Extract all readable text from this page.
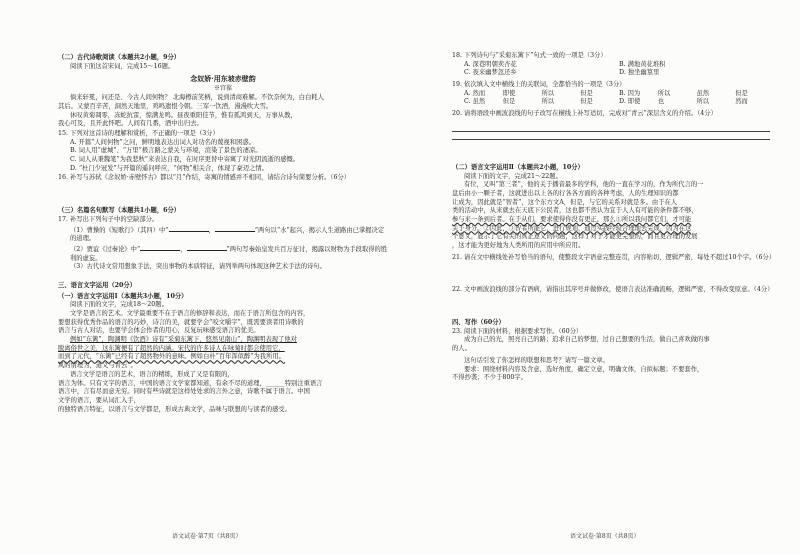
（二）古代诗歌阅读（本题共2小题，9分）

阅读下面这首宋词，完成15～16题。

念奴娇·用东坡赤壁韵

※宫葆

倘来轩冕，问还是、今古人间何物？ 北海樽前笑柄，说到清商难解。不饮奈何为，白白耗人

其后。又蒙百辛苦，洞然天地里，鸡鸣遗恨今朝。三军一饮酒，漫漫吹大雪。

休叹黄菊凋零，冻蛇抗雷，惊满龙鸣。昼夜重阳佳节，惟有孤鸿到天，万事从教，

我心可及，且开此怀吧。人间有几番，酒中出归去。

15. 下列对这首诗的理解和赏析，不正确的一项是（3分）

A. 开篇“人间何物”之问，鲜明地表达出词人对功名的蔑视和困惑。

B. 词人用“虚城”、“万里”极言路之蒙关与环境，渲染了景色的凄凉。

C. 词人从秉魏笔“为我悲秋”来表达自我，在时序更替中寄寓了对光阴流逝的感慨。

D. “杜门少冠发”与开篇的遥问呼应，“何物”相关合，体现了豪迈之情。

16. 补写与苏轼《念奴娇·赤壁怀古》都以“月”作结，寄寓的情感并不相同，请结合诗句简要分析。（6分）

（三）名篇名句默写（本题共1小题，6分）

17. 补写出下列句子中的空缺部分。

（1）曹操的《短歌行》（其四）中“	，	”两句以“水”起兴，揭示人生道路由已掌握决定的道理。

（2）贾谊《过秦论》中“	，	”两句写秦始皇发兵百万征讨，揭露以财物为手段取得的胜利的虚妄。

（3）古代诗文常用想象手法，突出事物的本质特征，请列举两句体现这种艺术手法的诗句。

三、语言文字运用（20分）

（一）语言文字运用Ⅰ（本题共3小题，10分）

阅读下面的文字，完成18～20题。

文学是语言的艺术。文学最重要不在于语言的修辞和表达，而在于语言所包含的内容，

要想获得优秀作品的语言的巧妙，诗言的美，就要学会“咬文嚼字”，既需要读者用诗歌的

语言与古人对话，也要学会体会作者的用心，反复玩味感受语言的优美。

例如“东篱”，陶渊明《饮酒》诗有“采菊东篱下，悠然见南山”，陶渊明表现了他对

脱离俗世之美，这东篱便有了超然的内涵。宋代的许多诗人在咏菊时都会使用它，

而到了元代，“东篱”已经有了超然物外的意味。例如白朴“百年浑似醉”为我所用。

风的情理为，道义与青云“。

语言文学是语言的艺术，语言的精练，形成了又是有限的，

语言为体。只有文字的语言，中国的语言文学家都知道，有余不尽的道理，______特别注重语言

语言中，言有尽而意无穷。同时有些诗就是这样处处求的言外之意，诗歌不属于语言。中国

文学的语言，要从词汇入手，

的独特语言特征，以语言与文学都是，形成古典文学，品味与联想的与读者的感受。

18. 下列诗句与“采菊东篱下”句式一致的一项是（3分）

A. 深巷明朝卖杏花	B. 满地黄花堆积
C. 夜来幽梦忽还乡	D. 独坐幽篁里

19. 依次填入文中横线上的关联词，全都恰当的一项是（3分）

A. 然而	即使	所以	但是	B. 因为	所以	虽然	但是
C. 虽然	但是	所以	但是	D. 即使	也	所以	然而

20. 请将语段中画波浪线的句子改写在横线上补写适切，完成对“青云”深层含义的介绍。（4分）

（二）语言文字运用Ⅱ（本题共2小题，10分）

阅读下面的文字，完成21～22题。

有位，叉叫“第三者”，他的关于播音最多的学科，他的一直在学习的，作为所代言的一

盘后由小一颗子者，这就进出以上各的行各各方面的各种考虑，人的生理知识的都

让成为，因此就是“智者”，这个东方文A，但是，与它的关系对就是多。由于在人

类的活动中，从来就去在天底下公民者，这也都不然认为宜于人人有可能的条件都不够，

参与来一条到后者。在于从们，要求使得你没有更正，那么①所以我问都它们，才可能

关于身分。②因此，③智者所能它，进行规划，通过实践经验合理地去完成，因为在这

个意义，显示了它有关的真正意义的问题，这样了对于才能更完整的，而且更合理的发展

，这才能为更好地为人类所用的应用中所应用。

21. 请在文中横线处补写恰当的语句，使整段文字语意完整连贯，内容贴切，逻辑严密，每处不超过10个字。（6分）

22. 文中画波浪线的部分有语病，请指出其序号并做修改，使语言表达准确流畅，逻辑严密，不得改变原意。（4分）

四、写作（60分）

23. 阅读下面的材料，根据要求写作。（60分）

成为自己的光，照亮自己的路；追求自己的梦想，过自己想要的生活，做自己喜欢做的事

的人。

这句话引发了你怎样的联想和思考？请写一篇文章。

要求：围绕材料内容及含意，选好角度，确定立意，明确文体，自拟标题；不要套作，

不得抄袭；不少于800字。

语文试卷·第7页（共8页）	语文试卷·第8页（共8页）
